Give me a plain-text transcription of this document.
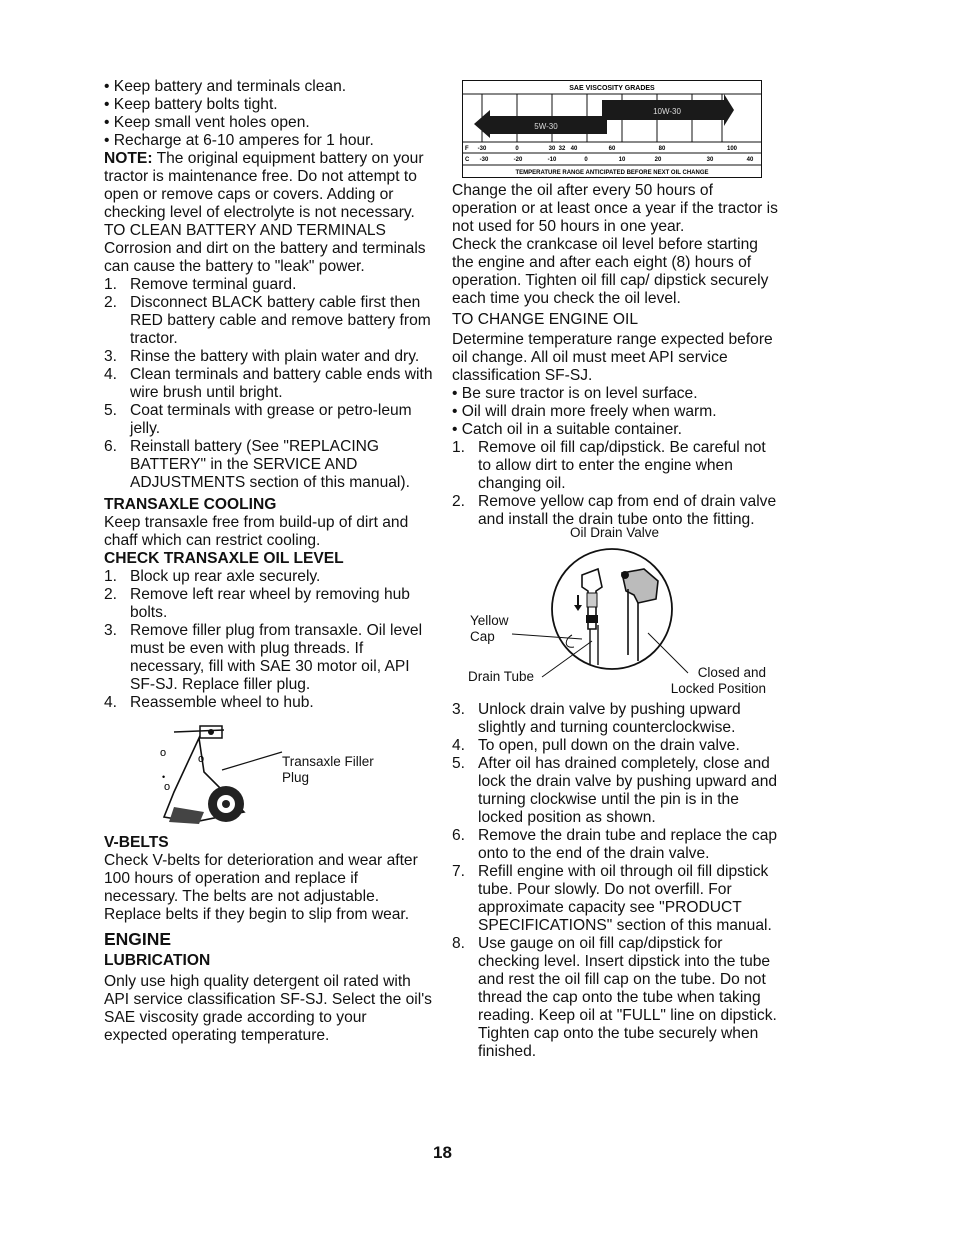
• Keep battery and terminals clean.

• Keep battery bolts tight.

• Keep small vent holes open.

• Recharge at 6-10 amperes for 1 hour.

NOTE: The original equipment battery on your tractor is maintenance free. Do not attempt to open or remove caps or covers. Adding or checking level of electrolyte is not necessary.

TO CLEAN BATTERY AND TERMINALS

Corrosion and dirt on the battery and terminals can cause the battery to "leak" power.

1. Remove terminal guard.
2. Disconnect BLACK battery cable first then RED battery cable and remove battery from tractor.
3. Rinse the battery with plain water and dry.
4. Clean terminals and battery cable ends with wire brush until bright.
5. Coat terminals with grease or petro-leum jelly.
6. Reinstall battery (See "REPLACING BATTERY" in the SERVICE AND ADJUSTMENTS section of this manual).

TRANSAXLE COOLING

Keep transaxle free from build-up of dirt and chaff which can restrict cooling.

CHECK TRANSAXLE OIL LEVEL

1. Block up rear axle securely.
2. Remove left rear wheel by removing hub bolts.
3. Remove filler plug from transaxle. Oil level must be even with plug threads. If necessary, fill with SAE 30 motor oil, API SF-SJ. Replace filler plug.
4. Reassemble wheel to hub.
o	o
•
o
Transaxle Filler
Plug

V-BELTS

Check V-belts for deterioration and wear after 100 hours of operation and replace if necessary. The belts are not adjustable. Replace belts if they begin to slip from wear.

ENGINE

LUBRICATION

Only use high quality detergent oil rated with API service classification SF-SJ. Select the oil's SAE viscosity grade according to your expected operating temperature.

SAE VISCOSITY GRADES
10W-30
5W-30
F -30	0	30 32 40	60	80	100
C -30	-20	-10	0	10	20	30	40
TEMPERATURE RANGE ANTICIPATED BEFORE NEXT OIL CHANGE

Change the oil after every 50 hours of operation or at least once a year if the tractor is not used for 50 hours in one year.

Check the crankcase oil level before starting the engine and after each eight (8) hours of operation. Tighten oil fill cap/ dipstick securely each time you check the oil level.

TO CHANGE ENGINE OIL

Determine temperature range expected before oil change. All oil must meet API service classification SF-SJ.

• Be sure tractor is on level surface.

• Oil will drain more freely when warm.

• Catch oil in a suitable container.

1. Remove oil fill cap/dipstick. Be careful not to allow dirt to enter the engine when changing oil.
2. Remove yellow cap from end of drain valve and install the drain tube onto the fitting.
Oil Drain Valve
Yellow
Cap
Drain Tube	Closed and
Locked Position
3. Unlock drain valve by pushing upward slightly and turning counterclockwise.
4. To open, pull down on the drain valve.
5. After oil has drained completely, close and lock the drain valve by pushing upward and turning clockwise until the pin is in the locked position as shown.
6. Remove the drain tube and replace the cap onto to the end of the drain valve.
7. Refill engine with oil through oil fill dipstick tube. Pour slowly. Do not overfill. For approximate capacity see "PRODUCT SPECIFICATIONS" section of this manual.
8. Use gauge on oil fill cap/dipstick for checking level. Insert dipstick into the tube and rest the oil fill cap on the tube. Do not thread the cap onto the tube when taking reading. Keep oil at "FULL" line on dipstick. Tighten cap onto the tube securely when finished.
18
